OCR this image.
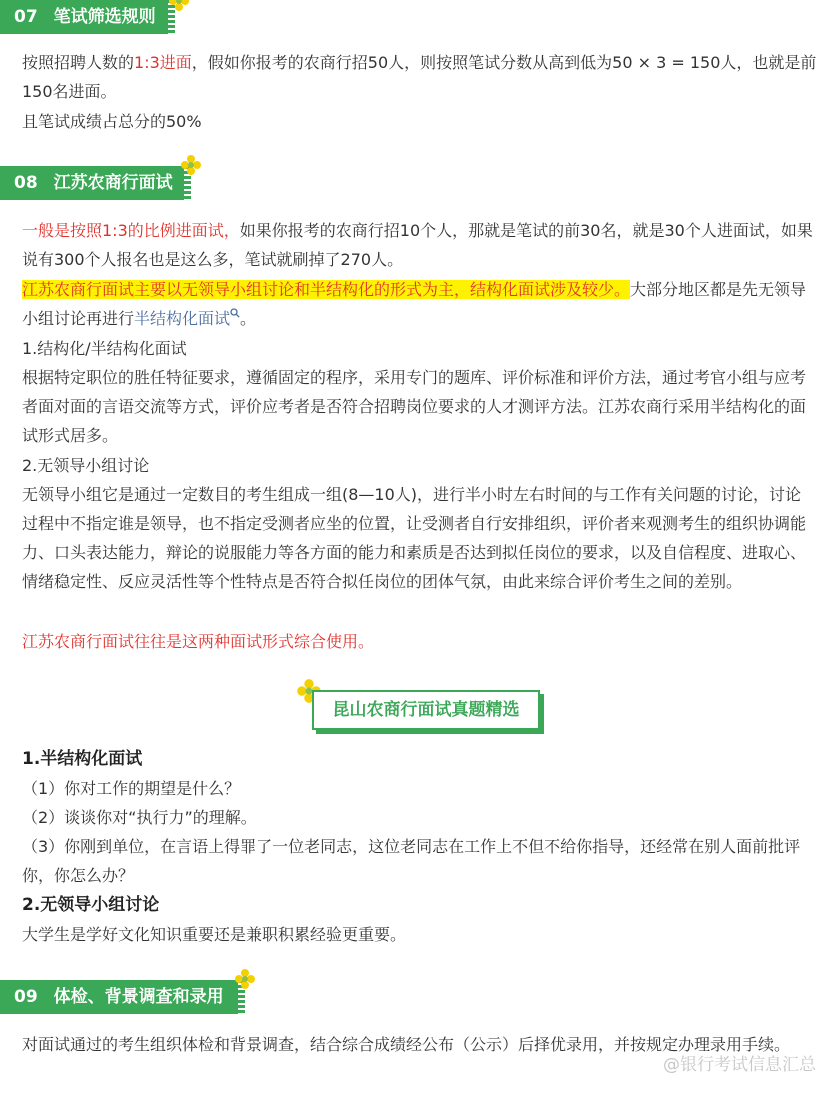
07 笔试筛选规则

按照招聘人数的1:3进面，假如你报考的农商行招50人，则按照笔试分数从高到低为50 × 3 = 150人，也就是前150名进面。

且笔试成绩占总分的50%

08 江苏农商行面试

一般是按照1:3的比例进面试，如果你报考的农商行招10个人，那就是笔试的前30名，就是30个人进面试，如果说有300个人报名也是这么多，笔试就刷掉了270人。

江苏农商行面试主要以无领导小组讨论和半结构化的形式为主，结构化面试涉及较少。大部分地区都是先无领导小组讨论再进行半结构化面试 。

1.结构化/半结构化面试

根据特定职位的胜任特征要求，遵循固定的程序，采用专门的题库、评价标准和评价方法，通过考官小组与应考者面对面的言语交流等方式，评价应考者是否符合招聘岗位要求的人才测评方法。江苏农商行采用半结构化的面试形式居多。

2.无领导小组讨论

无领导小组它是通过一定数目的考生组成一组(8—10人)，进行半小时左右时间的与工作有关问题的讨论，讨论过程中不指定谁是领导，也不指定受测者应坐的位置，让受测者自行安排组织，评价者来观测考生的组织协调能力、口头表达能力，辩论的说服能力等各方面的能力和素质是否达到拟任岗位的要求，以及自信程度、进取心、情绪稳定性、反应灵活性等个性特点是否符合拟任岗位的团体气氛，由此来综合评价考生之间的差别。

江苏农商行面试往往是这两种面试形式综合使用。

昆山农商行面试真题精选

1.半结构化面试

（1）你对工作的期望是什么？

（2）谈谈你对“执行力”的理解。

（3）你刚到单位，在言语上得罪了一位老同志，这位老同志在工作上不但不给你指导，还经常在别人面前批评你，你怎么办？

2.无领导小组讨论

大学生是学好文化知识重要还是兼职积累经验更重要。

09 体检、背景调查和录用

对面试通过的考生组织体检和背景调查，结合综合成绩经公布（公示）后择优录用，并按规定办理录用手续。

@银行考试信息汇总
